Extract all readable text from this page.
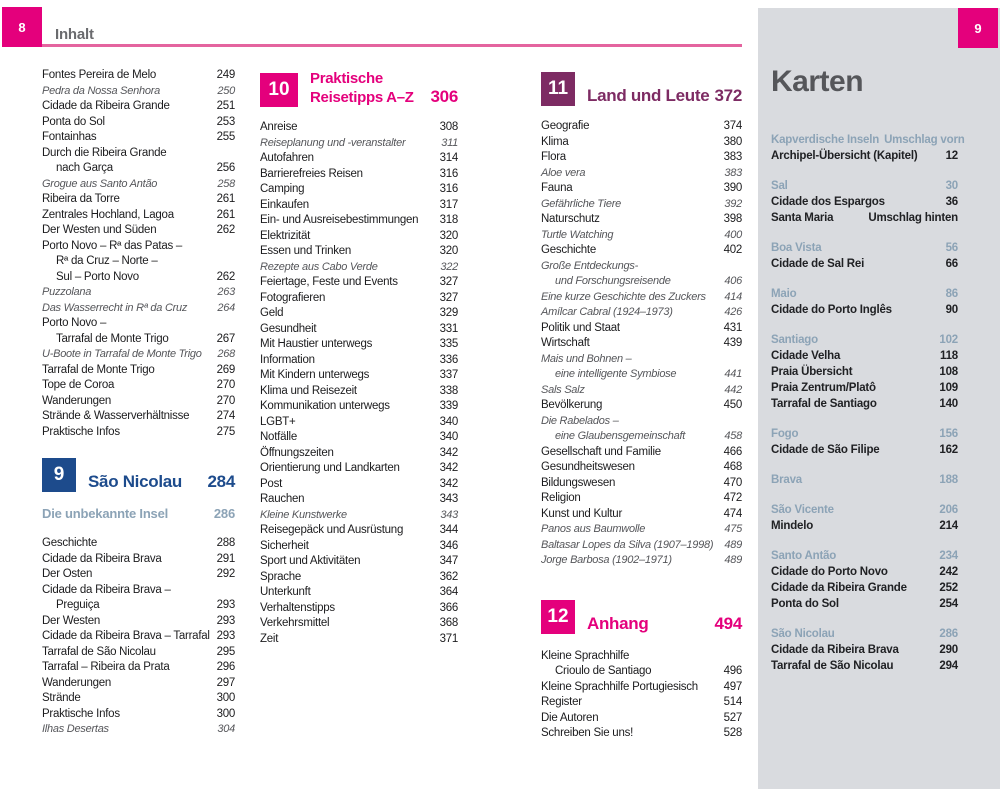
8 Inhalt
Karten
Kapverdische Inseln Umschlag vorn
Archipel-Übersicht (Kapitel)	12
Sal	30
Cidade dos Espargos	36
Santa Maria	Umschlag hinten
Boa Vista	56
Cidade de Sal Rei	66
Maio	86
Cidade do Porto Inglês	90
Santiago	102
Cidade Velha	118
Praia Übersicht	108
Praia Zentrum/Platô	109
Tarrafal de Santiago	140
Fogo	156
Cidade de São Filipe	162
Brava	188
São Vicente	206
Mindelo	214
Santo Antão	234
Cidade do Porto Novo	242
Cidade da Ribeira Grande	252
Ponta do Sol	254
São Nicolau	286
Cidade da Ribeira Brava	290
Tarrafal de São Nicolau	294
9
Fontes Pereira de Melo	249
Pedra da Nossa Senhora	250
Cidade da Ribeira Grande	251
Ponta do Sol	253
Fontainhas	255
Durch die Ribeira Grande
nach Garça	256
Grogue aus Santo Antão	258
Ribeira da Torre	261
Zentrales Hochland, Lagoa	261
Der Westen und Süden	262
Porto Novo – Rª das Patas –
Rª da Cruz – Norte –
Sul – Porto Novo	262
Puzzolana	263
Das Wasserrecht in Rª da Cruz	264
Porto Novo –
Tarrafal de Monte Trigo	267
U-Boote in Tarrafal de Monte Trigo	268
Tarrafal de Monte Trigo	269
Tope de Coroa	270
Wanderungen	270
Strände & Wasserverhältnisse	274
Praktische Infos	275
9	São Nicolau	284
Die unbekannte Insel	286
Geschichte	288
Cidade da Ribeira Brava	291
Der Osten	292
Cidade da Ribeira Brava –
Preguiça	293
Der Westen	293
Cidade da Ribeira Brava – Tarrafal 293
Tarrafal de São Nicolau	295
Tarrafal – Ribeira da Prata	296
Wanderungen	297
Strände	300
Praktische Infos	300
Ilhas Desertas	304
10
Praktische
Reisetipps A–Z 306
Anreise	308
Reiseplanung und -veranstalter	311
Autofahren	314
Barrierefreies Reisen	316
Camping	316
Einkaufen	317
Ein- und Ausreisebestimmungen	318
Elektrizität	320
Essen und Trinken	320
Rezepte aus Cabo Verde	322
Feiertage, Feste und Events	327
Fotografieren	327
Geld	329
Gesundheit	331
Mit Haustier unterwegs	335
Information	336
Mit Kindern unterwegs	337
Klima und Reisezeit	338
Kommunikation unterwegs	339
LGBT+	340
Notfälle	340
Öffnungszeiten	342
Orientierung und Landkarten	342
Post	342
Rauchen	343
Kleine Kunstwerke	343
Reisegepäck und Ausrüstung	344
Sicherheit	346
Sport und Aktivitäten	347
Sprache	362
Unterkunft	364
Verhaltenstipps	366
Verkehrsmittel	368
Zeit	371
11	Land und Leute 372
Geografie	374
Klima	380
Flora	383
Aloe vera	383
Fauna	390
Gefährliche Tiere	392
Naturschutz	398
Turtle Watching	400
Geschichte	402
Große Entdeckungs-
und Forschungsreisende	406
Eine kurze Geschichte des Zuckers	414
Amílcar Cabral (1924–1973)	426
Politik und Staat	431
Wirtschaft	439
Mais und Bohnen –
eine intelligente Symbiose	441
Sals Salz	442
Bevölkerung	450
Die Rabelados –
eine Glaubensgemeinschaft	458
Gesellschaft und Familie	466
Gesundheitswesen	468
Bildungswesen	470
Religion	472
Kunst und Kultur	474
Panos aus Baumwolle	475
Baltasar Lopes da Silva (1907–1998)	489
Jorge Barbosa (1902–1971)	489
12	Anhang	494
Kleine Sprachhilfe
Crioulo de Santiago	496
Kleine Sprachhilfe Portugiesisch	497
Register	514
Die Autoren	527
Schreiben Sie uns!	528
